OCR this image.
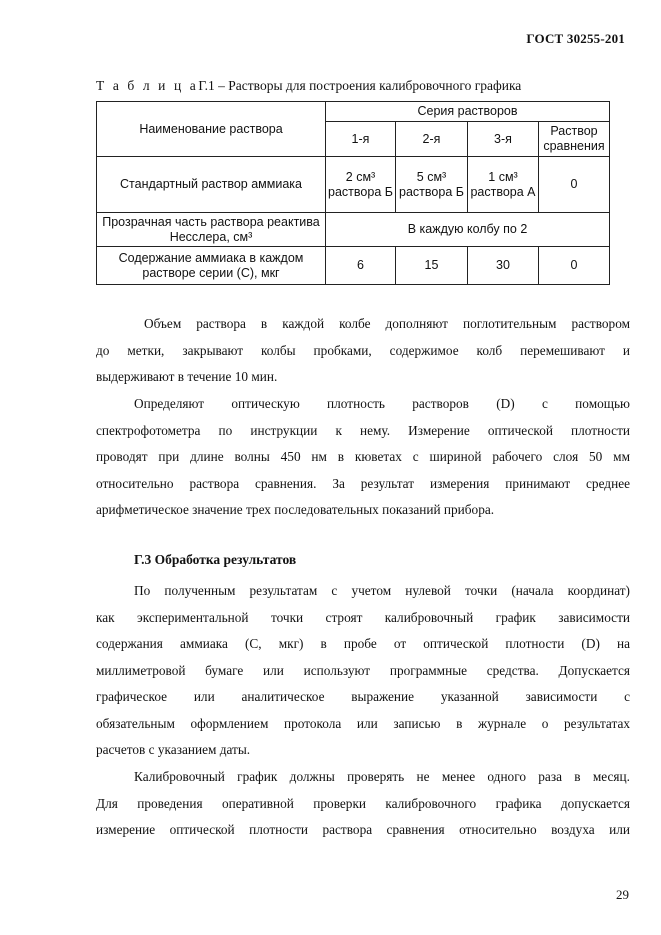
ГОСТ 30255-201
Т а б л и ц аГ.1 – Растворы для построения калибровочного графика
Наименование раствора	Серия растворов			
	1-я	2-я	3-я	Раствор сравнения
Стандартный раствор аммиака	2 см³ раствора Б	5 см³ раствора Б	1 см³ раствора А	0
Прозрачная часть раствора реактива Несслера, см³	В каждую колбу по 2			
Содержание аммиака в каждом растворе серии (С), мкг	6	15	30	0
Объем раствора в каждой колбе дополняют поглотительным раствором
до метки, закрывают колбы пробками, содержимое колб перемешивают и
выдерживают в течение 10 мин.
Определяют оптическую плотность растворов (D) с помощью
спектрофотометра по инструкции к нему. Измерение оптической плотности
проводят при длине волны 450 нм в кюветах с шириной рабочего слоя 50 мм
относительно раствора сравнения. За результат измерения принимают среднее
арифметическое значение трех последовательных показаний прибора.
Г.3 Обработка результатов
По полученным результатам с учетом нулевой точки (начала координат)
как экспериментальной точки строят калибровочный график зависимости
содержания аммиака (С, мкг) в пробе от оптической плотности (D) на
миллиметровой бумаге или используют программные средства. Допускается
графическое или аналитическое выражение указанной зависимости с
обязательным оформлением протокола или записью в журнале о результатах
расчетов с указанием даты.
Калибровочный график должны проверять не менее одного раза в месяц.
Для проведения оперативной проверки калибровочного графика допускается
измерение оптической плотности раствора сравнения относительно воздуха или
29
